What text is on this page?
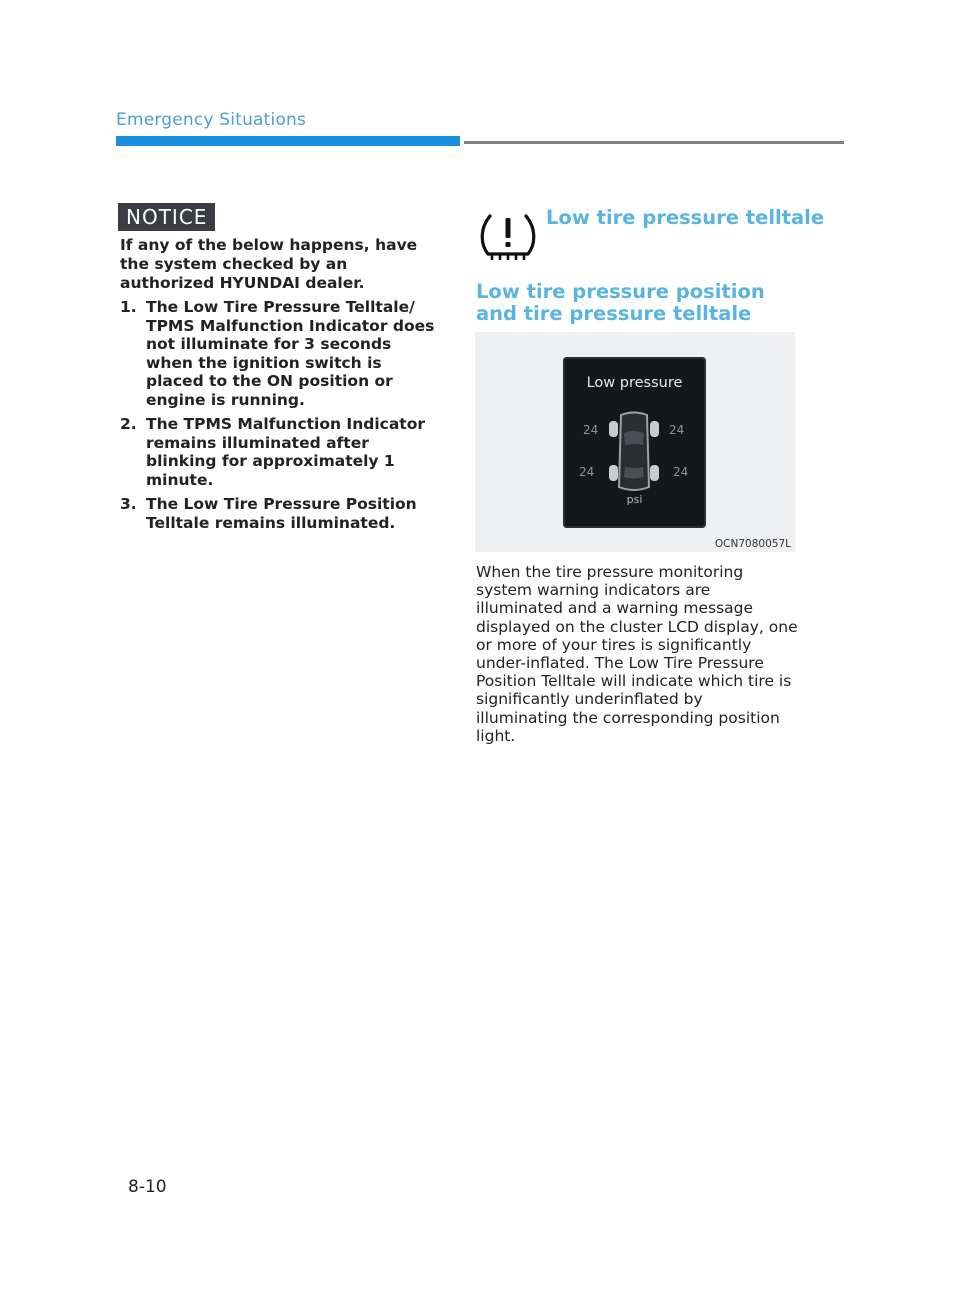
Emergency Situations
NOTICE
If any of the below happens, have the system checked by an authorized HYUNDAI dealer.
1. The Low Tire Pressure Telltale/ TPMS Malfunction Indicator does not illuminate for 3 seconds when the ignition switch is placed to the ON position or engine is running.
2. The TPMS Malfunction Indicator remains illuminated after blinking for approximately 1 minute.
3. The Low Tire Pressure Position Telltale remains illuminated.
Low tire pressure telltale
Low tire pressure position and tire pressure telltale
Low pressure
24	24
24	24
psi
OCN7080057L
When the tire pressure monitoring system warning indicators are illuminated and a warning message displayed on the cluster LCD display, one or more of your tires is significantly under-inflated. The Low Tire Pressure Position Telltale will indicate which tire is significantly underinflated by illuminating the corresponding position light.
8-10
